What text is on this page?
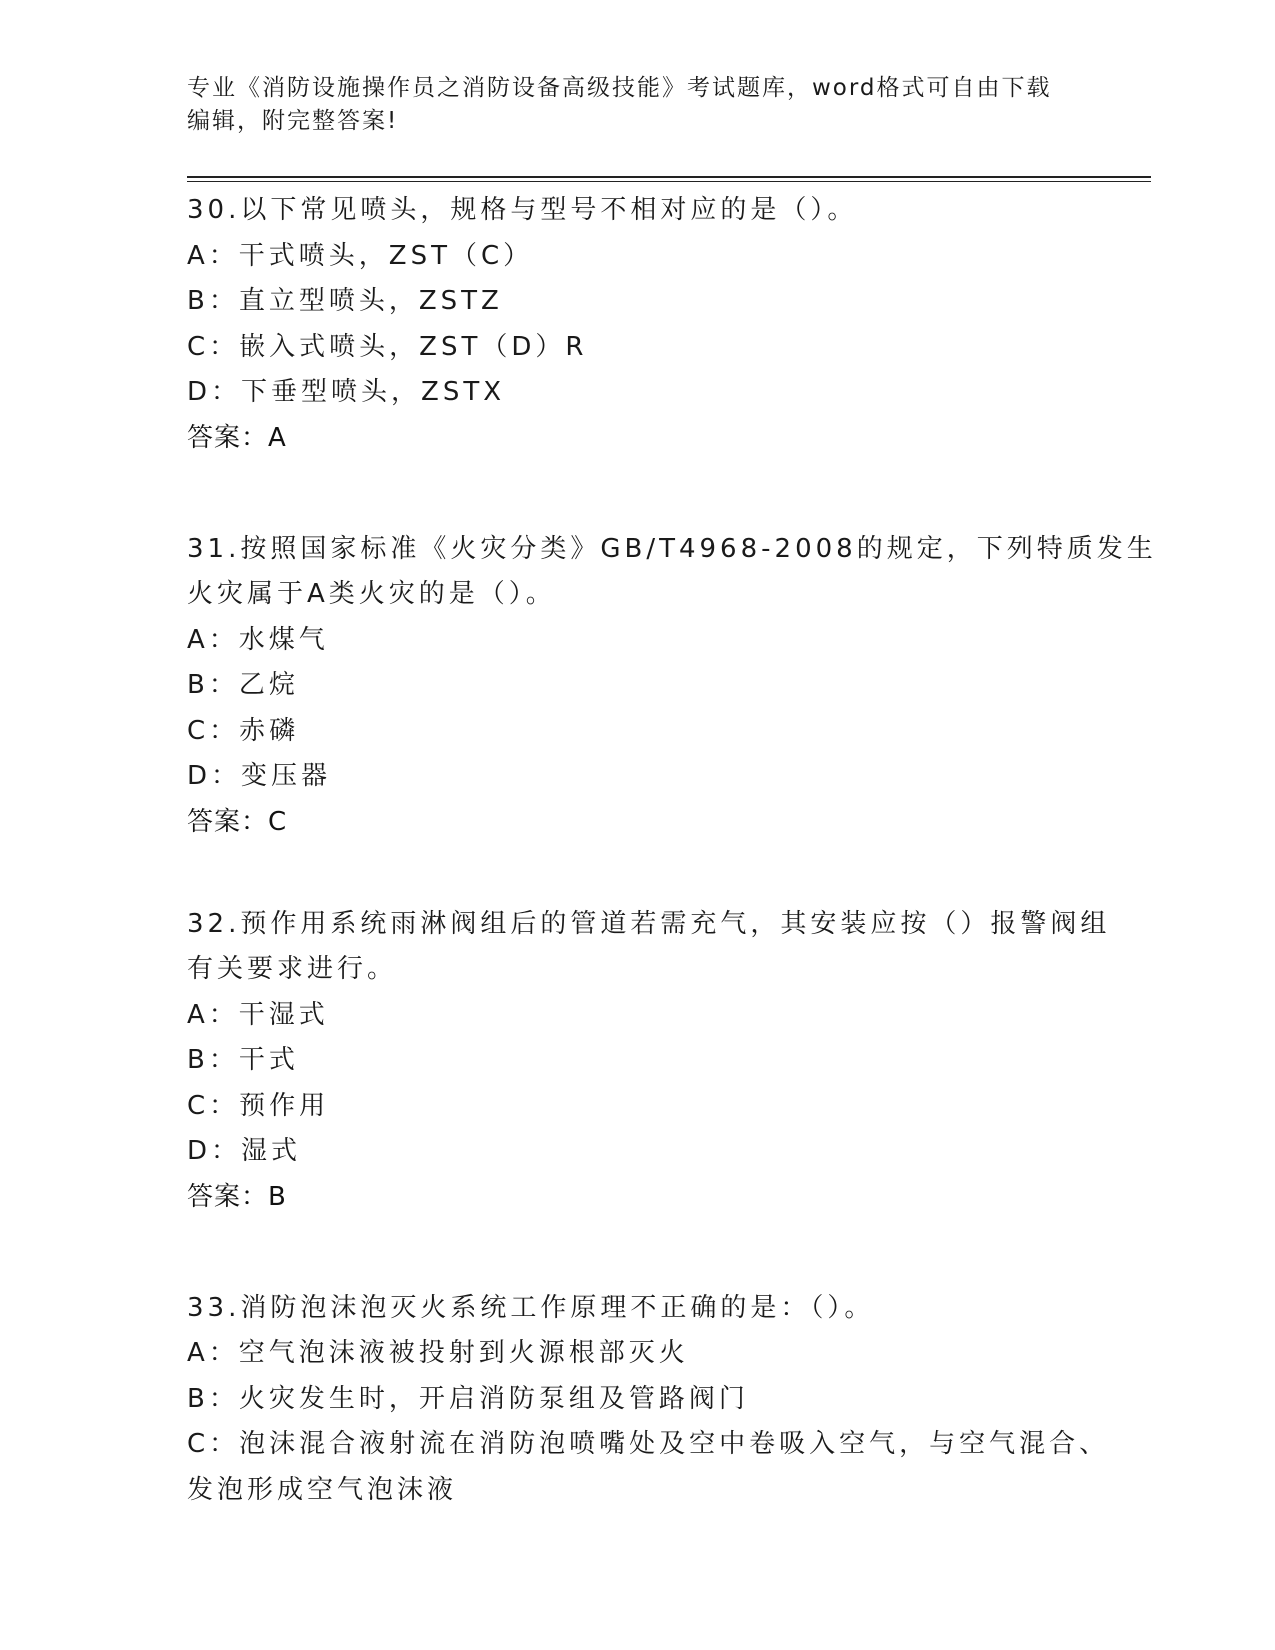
专业《消防设施操作员之消防设备高级技能》考试题库，word格式可自由下载编辑，附完整答案!
30.以下常见喷头，规格与型号不相对应的是（）。
A：干式喷头，ZST（C）
B：直立型喷头，ZSTZ
C：嵌入式喷头，ZST（D）R
D：下垂型喷头，ZSTX
答案：A
31.按照国家标准《火灾分类》GB/T4968-2008的规定，下列特质发生
火灾属于A类火灾的是（）。
A：水煤气
B：乙烷
C：赤磷
D：变压器
答案：C
32.预作用系统雨淋阀组后的管道若需充气，其安装应按（）报警阀组
有关要求进行。
A：干湿式
B：干式
C：预作用
D：湿式
答案：B
33.消防泡沫泡灭火系统工作原理不正确的是：（）。
A：空气泡沫液被投射到火源根部灭火
B：火灾发生时，开启消防泵组及管路阀门
C：泡沫混合液射流在消防泡喷嘴处及空中卷吸入空气，与空气混合、
发泡形成空气泡沫液
